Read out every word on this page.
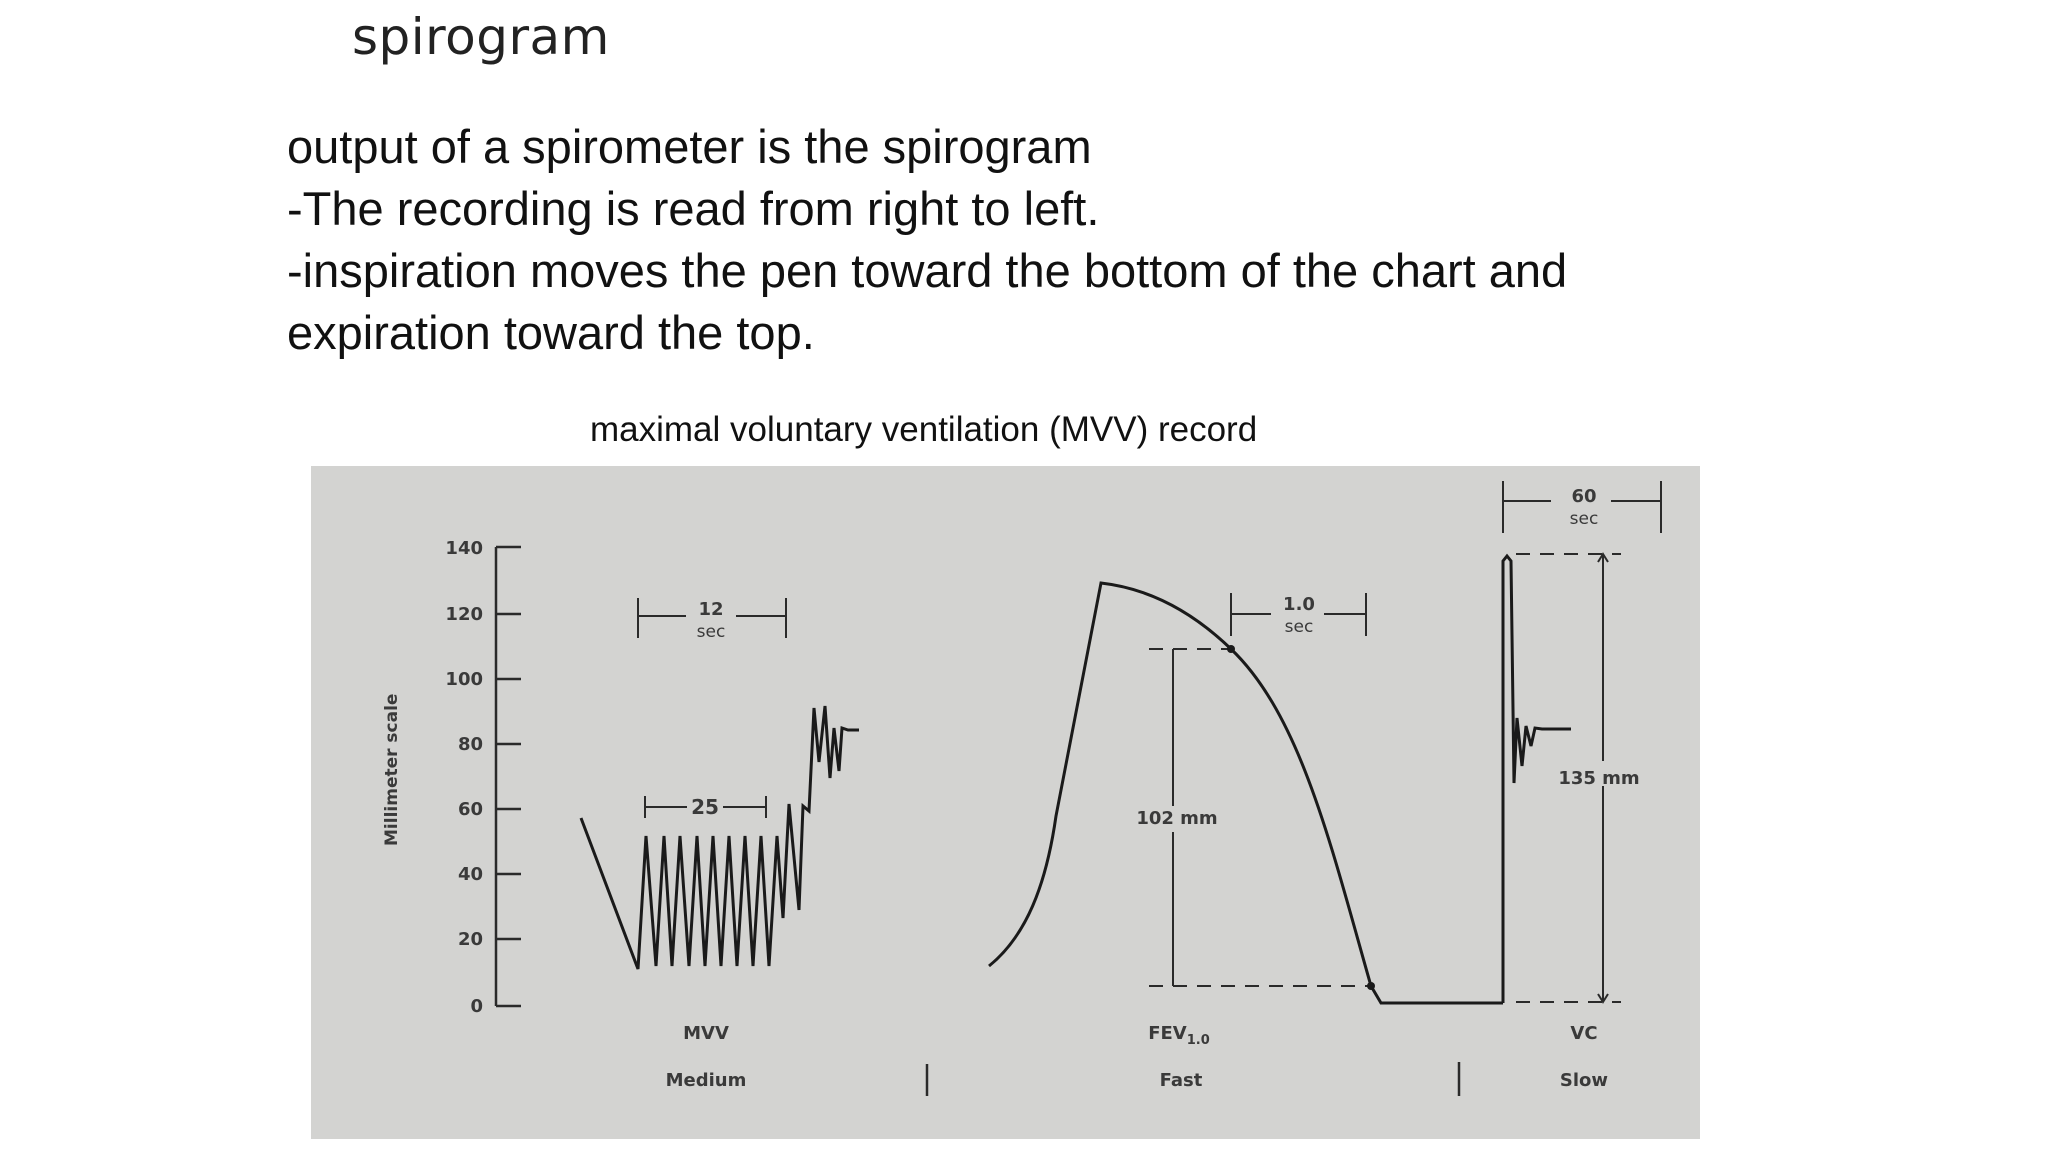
spirogram
output of a spirometer is the spirogram
-The recording is read from right to left.
-inspiration moves the pen toward the bottom of the chart and
expiration toward the top.
maximal voluntary ventilation (MVV) record
140
120
100
80
60
40
20
0
Millimeter scale
12
sec
25
MVV
Medium
1.0
sec
102 mm
$FEV_{1.0}$
Fast
60
sec
135 mm
VC
Slow
